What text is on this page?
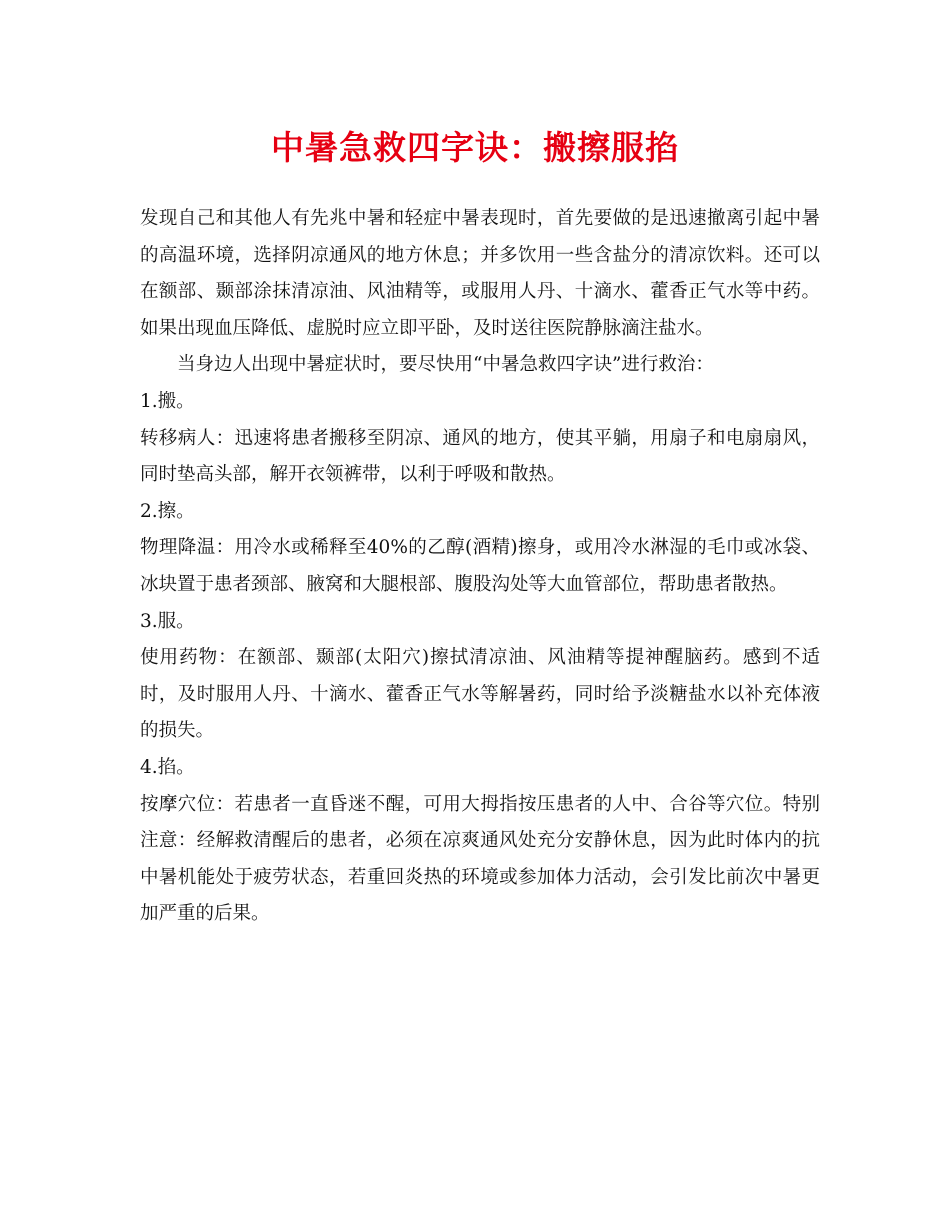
中暑急救四字诀：搬擦服掐

发现自己和其他人有先兆中暑和轻症中暑表现时，首先要做的是迅速撤离引起中暑的高温环境，选择阴凉通风的地方休息；并多饮用一些含盐分的清凉饮料。还可以在额部、颞部涂抹清凉油、风油精等，或服用人丹、十滴水、藿香正气水等中药。如果出现血压降低、虚脱时应立即平卧，及时送往医院静脉滴注盐水。

当身边人出现中暑症状时，要尽快用“中暑急救四字诀”进行救治：

1.搬。

转移病人：迅速将患者搬移至阴凉、通风的地方，使其平躺，用扇子和电扇扇风，同时垫高头部，解开衣领裤带，以利于呼吸和散热。

2.擦。

物理降温：用冷水或稀释至40%的乙醇(酒精)擦身，或用冷水淋湿的毛巾或冰袋、冰块置于患者颈部、腋窝和大腿根部、腹股沟处等大血管部位，帮助患者散热。

3.服。

使用药物：在额部、颞部(太阳穴)擦拭清凉油、风油精等提神醒脑药。感到不适时，及时服用人丹、十滴水、藿香正气水等解暑药，同时给予淡糖盐水以补充体液的损失。

4.掐。

按摩穴位：若患者一直昏迷不醒，可用大拇指按压患者的人中、合谷等穴位。特别注意：经解救清醒后的患者，必须在凉爽通风处充分安静休息，因为此时体内的抗中暑机能处于疲劳状态，若重回炎热的环境或参加体力活动，会引发比前次中暑更加严重的后果。
